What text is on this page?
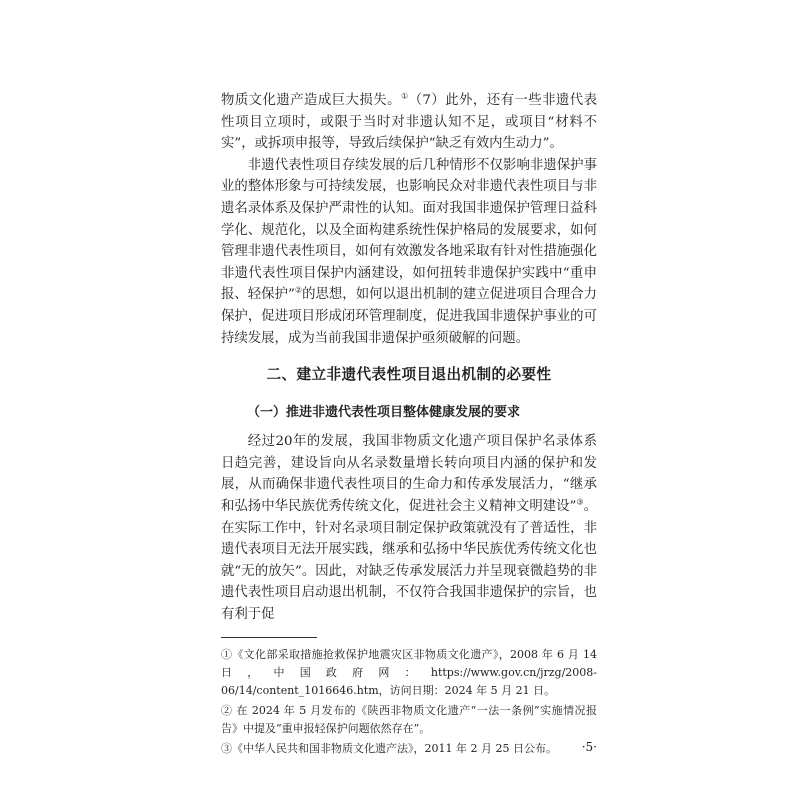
物质文化遗产造成巨大损失。①（7）此外，还有一些非遗代表性项目立项时，或限于当时对非遗认知不足，或项目“材料不实”，或拆项申报等，导致后续保护“缺乏有效内生动力”。

非遗代表性项目存续发展的后几种情形不仅影响非遗保护事业的整体形象与可持续发展，也影响民众对非遗代表性项目与非遗名录体系及保护严肃性的认知。面对我国非遗保护管理日益科学化、规范化，以及全面构建系统性保护格局的发展要求，如何管理非遗代表性项目，如何有效激发各地采取有针对性措施强化非遗代表性项目保护内涵建设，如何扭转非遗保护实践中“重申报、轻保护”②的思想，如何以退出机制的建立促进项目合理合力保护，促进项目形成闭环管理制度，促进我国非遗保护事业的可持续发展，成为当前我国非遗保护亟须破解的问题。

二、建立非遗代表性项目退出机制的必要性
（一）推进非遗代表性项目整体健康发展的要求

经过20年的发展，我国非物质文化遗产项目保护名录体系日趋完善，建设旨向从名录数量增长转向项目内涵的保护和发展，从而确保非遗代表性项目的生命力和传承发展活力，“继承和弘扬中华民族优秀传统文化，促进社会主义精神文明建设”③。在实际工作中，针对名录项目制定保护政策就没有了普适性，非遗代表项目无法开展实践，继承和弘扬中华民族优秀传统文化也就“无的放矢”。因此，对缺乏传承发展活力并呈现衰微趋势的非遗代表性项目启动退出机制，不仅符合我国非遗保护的宗旨，也有利于促

①《文化部采取措施抢救保护地震灾区非物质文化遗产》，2008 年 6 月 14 日，中国政府网：https://www.gov.cn/jrzg/2008-06/14/content_1016646.htm，访问日期：2024 年 5 月 21 日。

② 在 2024 年 5 月发布的《陕西非物质文化遗产“一法一条例”实施情况报告》中提及“重申报轻保护问题依然存在”。

③《中华人民共和国非物质文化遗产法》，2011 年 2 月 25 日公布。	·5·
